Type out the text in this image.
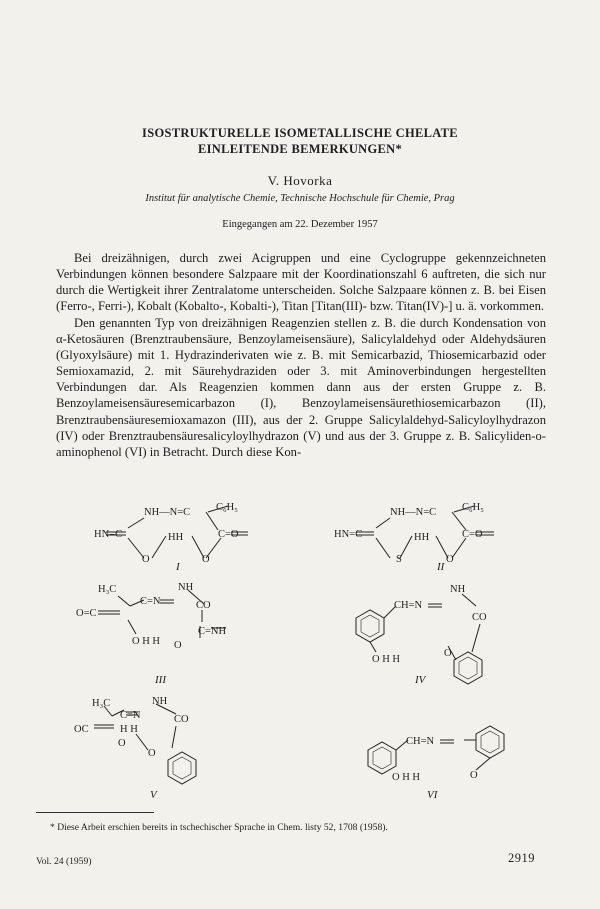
ISOSTRUKTURELLE ISOMETALLISCHE CHELATE
EINLEITENDE BEMERKUNGEN*
V. Hovorka
Institut für analytische Chemie, Technische Hochschule für Chemie, Prag
Eingegangen am 22. Dezember 1957

Bei dreizähnigen, durch zwei Acigruppen und eine Cyclogruppe gekennzeichneten Verbindungen können besondere Salzpaare mit der Koordinationszahl 6 auftreten, die sich nur durch die Wertigkeit ihrer Zentralatome unterscheiden. Solche Salzpaare können z. B. bei Eisen (Ferro-, Ferri-), Kobalt (Kobalto-, Kobalti-), Titan [Titan(III)- bzw. Titan(IV)-] u. ä. vorkommen.

Den genannten Typ von dreizähnigen Reagenzien stellen z. B. die durch Kondensation von α-Ketosäuren (Brenztraubensäure, Benzoylameisensäure), Salicylaldehyd oder Aldehydsäuren (Glyoxylsäure) mit 1. Hydrazinderivaten wie z. B. mit Semicarbazid, Thiosemicarbazid oder Semioxamazid, 2. mit Säurehydraziden oder 3. mit Aminoverbindungen hergestellten Verbindungen dar. Als Reagenzien kommen dann aus der ersten Gruppe z. B. Benzoylameisensäuresemicarbazon (I), Benzoylameisensäurethiosemicarbazon (II), Brenztraubensäuresemioxamazon (III), aus der 2. Gruppe Salicylaldehyd-Salicyloylhydrazon (IV) oder Brenztraubensäuresalicyloylhydrazon (V) und aus der 3. Gruppe z. B. Salicyliden-o-aminophenol (VI) in Betracht. Durch diese Kon-

HN=C
NH—N=C C₆H₅
O
HH
O
C=O	HN=C
NH—N=C C₆H₅
S
HH
O
C=O
H₃C
C=N
NH
CO
O=C
O H H
C=NH
O
CH=N
NH
CO
O H H
O
H₃C
C=N
NH
CO
OC	H H
O
O
CH=N
O H H	O
I	II
III	IV
V	VI
* Diese Arbeit erschien bereits in tschechischer Sprache in Chem. listy 52, 1708 (1958).
Vol. 24 (1959)	2919
